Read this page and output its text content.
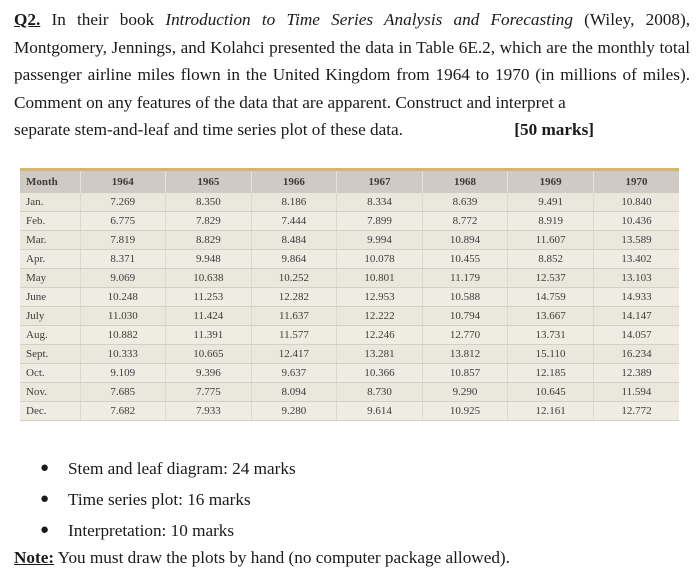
Q2. In their book Introduction to Time Series Analysis and Forecasting (Wiley, 2008), Montgomery, Jennings, and Kolahci presented the data in Table 6E.2, which are the monthly total passenger airline miles flown in the United Kingdom from 1964 to 1970 (in millions of miles). Comment on any features of the data that are apparent. Construct and interpret a
separate stem-and-leaf and time series plot of these data.	[50 marks]
Month	1964	1965	1966	1967	1968	1969	1970
Jan.	7.269	8.350	8.186	8.334	8.639	9.491	10.840
Feb.	6.775	7.829	7.444	7.899	8.772	8.919	10.436
Mar.	7.819	8.829	8.484	9.994	10.894	11.607	13.589
Apr.	8.371	9.948	9.864	10.078	10.455	8.852	13.402
May	9.069	10.638	10.252	10.801	11.179	12.537	13.103
June	10.248	11.253	12.282	12.953	10.588	14.759	14.933
July	11.030	11.424	11.637	12.222	10.794	13.667	14.147
Aug.	10.882	11.391	11.577	12.246	12.770	13.731	14.057
Sept.	10.333	10.665	12.417	13.281	13.812	15.110	16.234
Oct.	9.109	9.396	9.637	10.366	10.857	12.185	12.389
Nov.	7.685	7.775	8.094	8.730	9.290	10.645	11.594
Dec.	7.682	7.933	9.280	9.614	10.925	12.161	12.772
●	Stem and leaf diagram: 24 marks
●	Time series plot: 16 marks
●	Interpretation: 10 marks
Note: You must draw the plots by hand (no computer package allowed).
